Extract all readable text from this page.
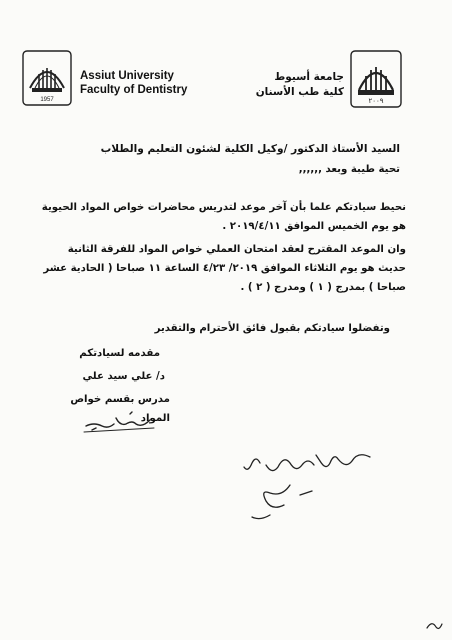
1957
Assiut University
Faculty of Dentistry
جامعة أسيوط
كلية طب الأسنان
٢٠٠٩
السيد الأستاذ الدكتور /وكيل الكلية لشئون التعليم والطلاب
تحية طيبة وبعد ,,,,,,
نحيط سيادتكم علما بأن آخر موعد لتدريس محاضرات خواص المواد الحيوية هو يوم الخميس الموافق ٢٠١٩/٤/١١ .
وان الموعد المقترح لعقد امتحان العملي خواص المواد للفرقة الثانية حديث هو يوم الثلاثاء الموافق ٢٠١٩/ ٤/٢٣ الساعة ١١ صباحا ( الحادية عشر صباحا ) بمدرج ( ١ ) ومدرج ( ٢ ) .
وتفضلوا سيادتكم بقبول فائق الأحترام والتقدير
مقدمه لسيادتكم
د/ علي سيد علي
مدرس بقسم خواص المواد
